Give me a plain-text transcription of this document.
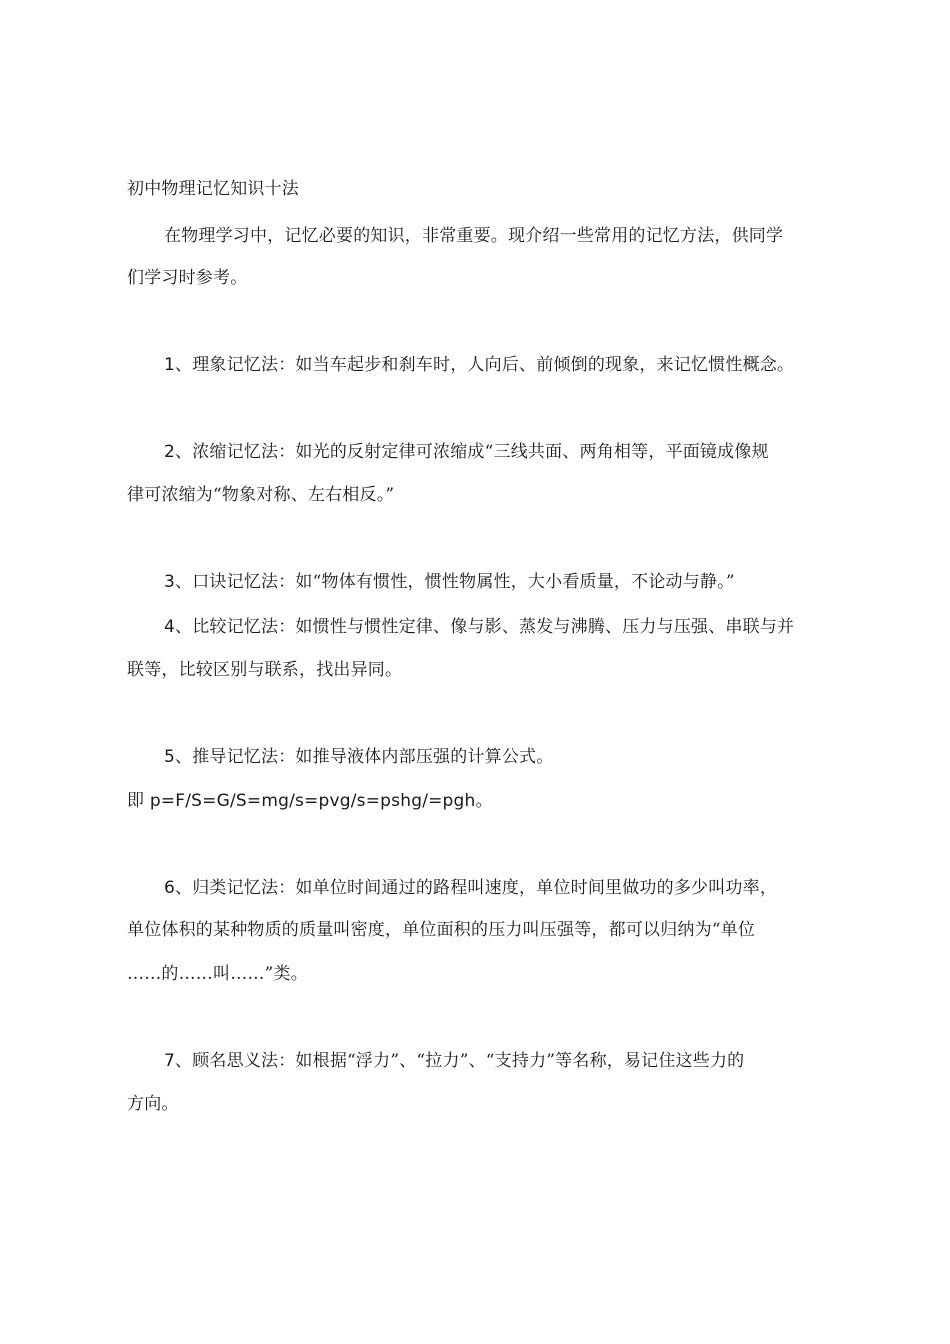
初中物理记忆知识十法
在物理学习中，记忆必要的知识，非常重要。现介绍一些常用的记忆方法，供同学
们学习时参考。
1、理象记忆法：如当车起步和刹车时，人向后、前倾倒的现象，来记忆惯性概念。
2、浓缩记忆法：如光的反射定律可浓缩成“三线共面、两角相等，平面镜成像规
律可浓缩为“物象对称、左右相反。”
3、口诀记忆法：如“物体有惯性，惯性物属性，大小看质量，不论动与静。”
4、比较记忆法：如惯性与惯性定律、像与影、蒸发与沸腾、压力与压强、串联与并
联等，比较区别与联系，找出异同。
5、推导记忆法：如推导液体内部压强的计算公式。
即 p=F/S=G/S=mg/s=pvg/s=pshg/=pgh。
6、归类记忆法：如单位时间通过的路程叫速度，单位时间里做功的多少叫功率，
单位体积的某种物质的质量叫密度，单位面积的压力叫压强等，都可以归纳为“单位
……的……叫……”类。
7、顾名思义法：如根据“浮力”、“拉力”、“支持力”等名称，易记住这些力的
方向。
